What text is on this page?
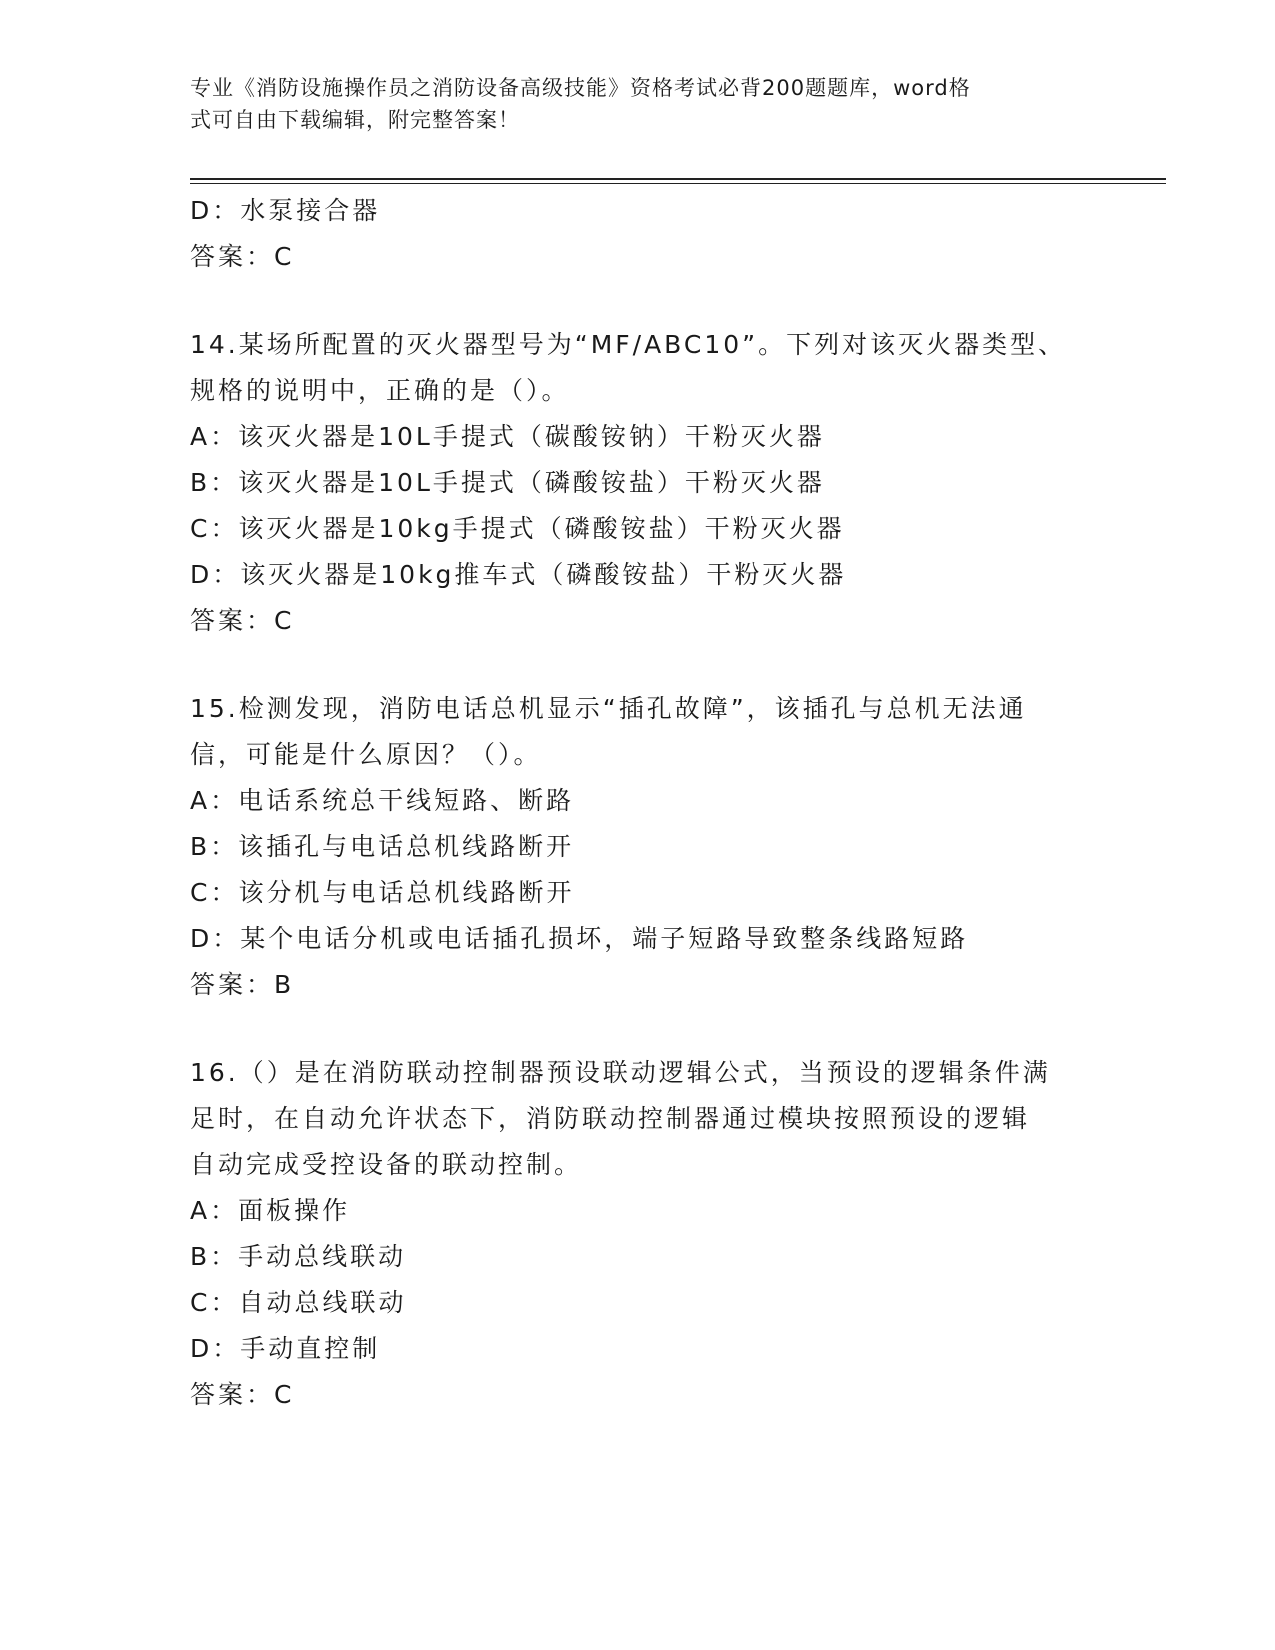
专业《消防设施操作员之消防设备高级技能》资格考试必背200题题库，word格
式可自由下载编辑，附完整答案！
D：水泵接合器
答案：C
14.某场所配置的灭火器型号为“MF/ABC10”。下列对该灭火器类型、
规格的说明中，正确的是（）。
A：该灭火器是10L手提式（碳酸铵钠）干粉灭火器
B：该灭火器是10L手提式（磷酸铵盐）干粉灭火器
C：该灭火器是10kg手提式（磷酸铵盐）干粉灭火器
D：该灭火器是10kg推车式（磷酸铵盐）干粉灭火器
答案：C
15.检测发现，消防电话总机显示“插孔故障”，该插孔与总机无法通
信，可能是什么原因？（）。
A：电话系统总干线短路、断路
B：该插孔与电话总机线路断开
C：该分机与电话总机线路断开
D：某个电话分机或电话插孔损坏，端子短路导致整条线路短路
答案：B
16.（）是在消防联动控制器预设联动逻辑公式，当预设的逻辑条件满
足时，在自动允许状态下，消防联动控制器通过模块按照预设的逻辑
自动完成受控设备的联动控制。
A：面板操作
B：手动总线联动
C：自动总线联动
D：手动直控制
答案：C
